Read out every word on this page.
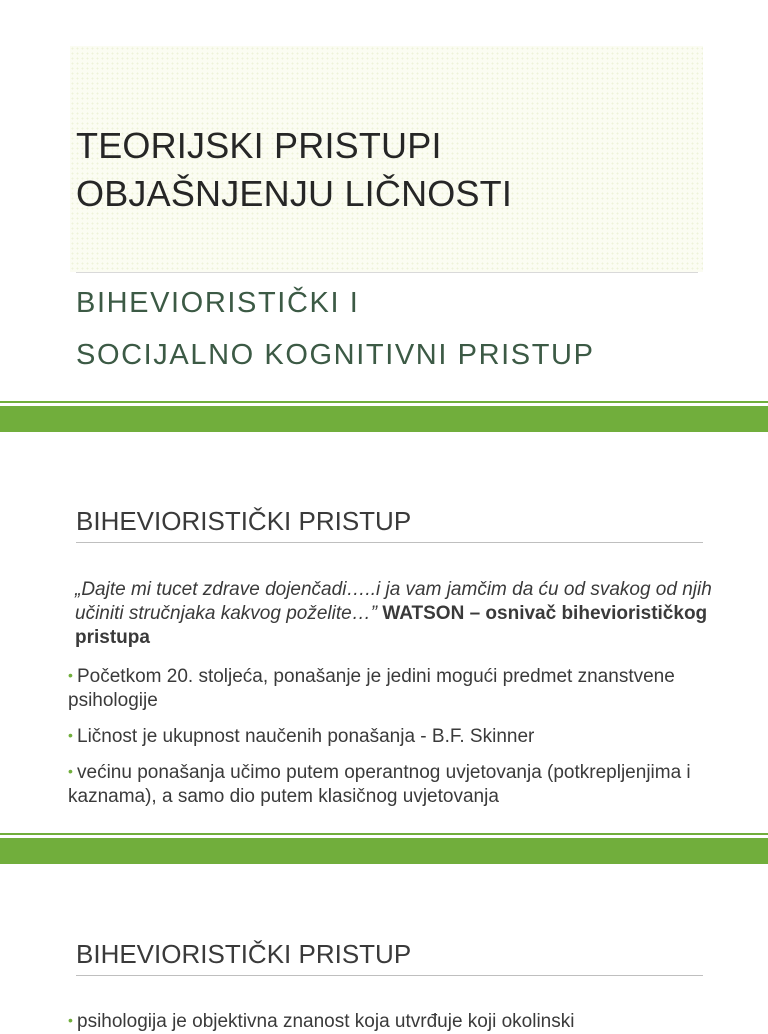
TEORIJSKI PRISTUPI
OBJAŠNJENJU LIČNOSTI

BIHEVIORISTIČKI I

SOCIJALNO KOGNITIVNI PRISTUP

BIHEVIORISTIČKI PRISTUP

„Dajte mi tucet zdrave dojenčadi…..i ja vam jamčim da ću od svakog od njih učiniti stručnjaka kakvog poželite…” WATSON – osnivač biheviorističkog pristupa

• Početkom 20. stoljeća, ponašanje je jedini mogući predmet znanstvene psihologije

• Ličnost je ukupnost naučenih ponašanja - B.F. Skinner

• većinu ponašanja učimo putem operantnog uvjetovanja (potkrepljenjima i kaznama), a samo dio putem klasičnog uvjetovanja

BIHEVIORISTIČKI PRISTUP

• psihologija je objektivna znanost koja utvrđuje koji okolinski
